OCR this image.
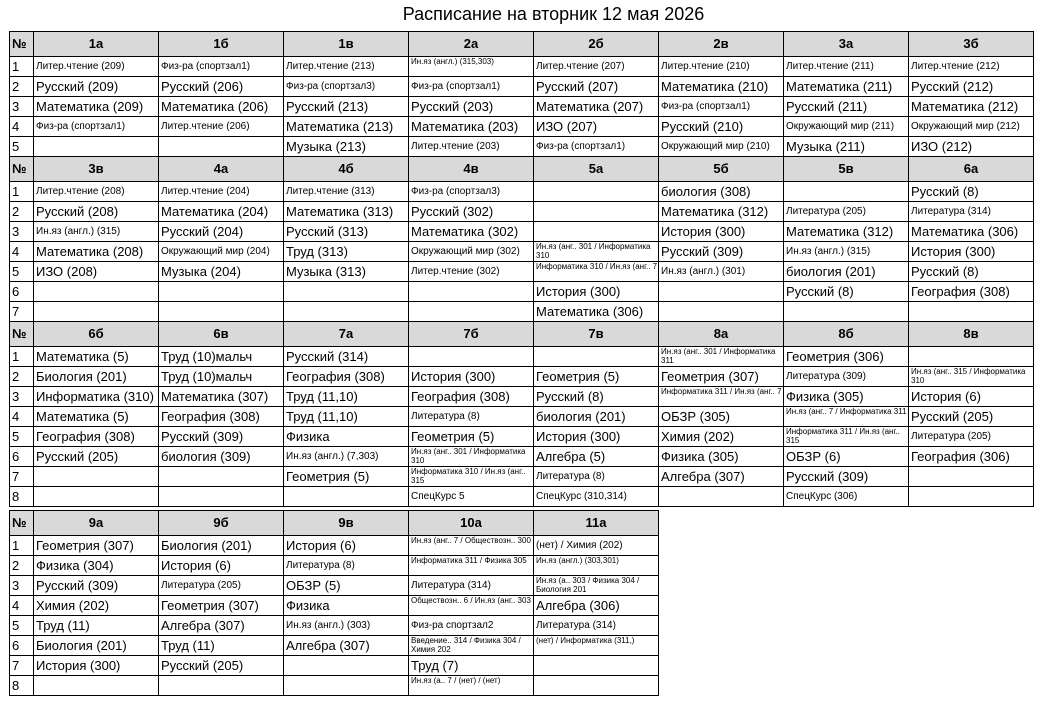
Расписание на вторник 12 мая 2026
№	1а	1б	1в	2а	2б	2в	3а	3б
1	Литер.чтение (209)	Физ-ра (спортзал1)	Литер.чтение (213)	Ин.яз (англ.) (315,303)	Литер.чтение (207)	Литер.чтение (210)	Литер.чтение (211)	Литер.чтение (212)
2	Русский (209)	Русский (206)	Физ-ра (спортзал3)	Физ-ра (спортзал1)	Русский (207)	Математика (210)	Математика (211)	Русский (212)
3	Математика (209)	Математика (206)	Русский (213)	Русский (203)	Математика (207)	Физ-ра (спортзал1)	Русский (211)	Математика (212)
4	Физ-ра (спортзал1)	Литер.чтение (206)	Математика (213)	Математика (203)	ИЗО (207)	Русский (210)	Окружающий мир (211)	Окружающий мир (212)
5			Музыка (213)	Литер.чтение (203)	Физ-ра (спортзал1)	Окружающий мир (210)	Музыка (211)	ИЗО (212)
№	3в	4а	4б	4в	5а	5б	5в	6а
1	Литер.чтение (208)	Литер.чтение (204)	Литер.чтение (313)	Физ-ра (спортзал3)		биология (308)		Русский (8)
2	Русский (208)	Математика (204)	Математика (313)	Русский (302)		Математика (312)	Литература (205)	Литература (314)
3	Ин.яз (англ.) (315)	Русский (204)	Русский (313)	Математика (302)		История (300)	Математика (312)	Математика (306)
4	Математика (208)	Окружающий мир (204)	Труд (313)	Окружающий мир (302)	Ин.яз (анг.. 301 / Информатика 310	Русский (309)	Ин.яз (англ.) (315)	История (300)
5	ИЗО (208)	Музыка (204)	Музыка (313)	Литер.чтение (302)	Информатика 310 / Ин.яз (анг.. 7	Ин.яз (англ.) (301)	биология (201)	Русский (8)
6					История (300)		Русский (8)	География (308)
7					Математика (306)			
№	6б	6в	7а	7б	7в	8а	8б	8в
1	Математика (5)	Труд (10)мальч	Русский (314)			Ин.яз (анг.. 301 / Информатика 311	Геометрия (306)	
2	Биология (201)	Труд (10)мальч	География (308)	История (300)	Геометрия (5)	Геометрия (307)	Литература (309)	Ин.яз (анг.. 315 / Информатика 310
3	Информатика (310)	Математика (307)	Труд (11,10)	География (308)	Русский (8)	Информатика 311 / Ин.яз (анг.. 7	Физика (305)	История (6)
4	Математика (5)	География (308)	Труд (11,10)	Литература (8)	биология (201)	ОБЗР (305)	Ин.яз (анг.. 7 / Информатика 311	Русский (205)
5	География (308)	Русский (309)	Физика	Геометрия (5)	История (300)	Химия (202)	Информатика 311 / Ин.яз (анг.. 315	Литература (205)
6	Русский (205)	биология (309)	Ин.яз (англ.) (7,303)	Ин.яз (анг.. 301 / Информатика 310	Алгебра (5)	Физика (305)	ОБЗР (6)	География (306)
7			Геометрия (5)	Информатика 310 / Ин.яз (анг.. 315	Литература (8)	Алгебра (307)	Русский (309)	
8				СпецКурс 5	СпецКурс (310,314)		СпецКурс (306)	
№	9а	9б	9в	10а	11а
1	Геометрия (307)	Биология (201)	История (6)	Ин.яз (анг.. 7 / Обществозн.. 300	(нет) / Химия (202)
2	Физика (304)	История (6)	Литература (8)	Информатика 311 / Физика 305	Ин.яз (англ.) (303,301)
3	Русский (309)	Литература (205)	ОБЗР (5)	Литература (314)	Ин.яз (а.. 303 / Физика 304 / Биология 201
4	Химия (202)	Геометрия (307)	Физика	Обществозн.. 6 / Ин.яз (анг.. 303	Алгебра (306)
5	Труд (11)	Алгебра (307)	Ин.яз (англ.) (303)	Физ-ра спортзал2	Литература (314)
6	Биология (201)	Труд (11)	Алгебра (307)	Введение.. 314 / Физика 304 / Химия 202	(нет) / Информатика (311,)
7	История (300)	Русский (205)		Труд (7)	
8				Ин.яз (а.. 7 / (нет) / (нет)	
